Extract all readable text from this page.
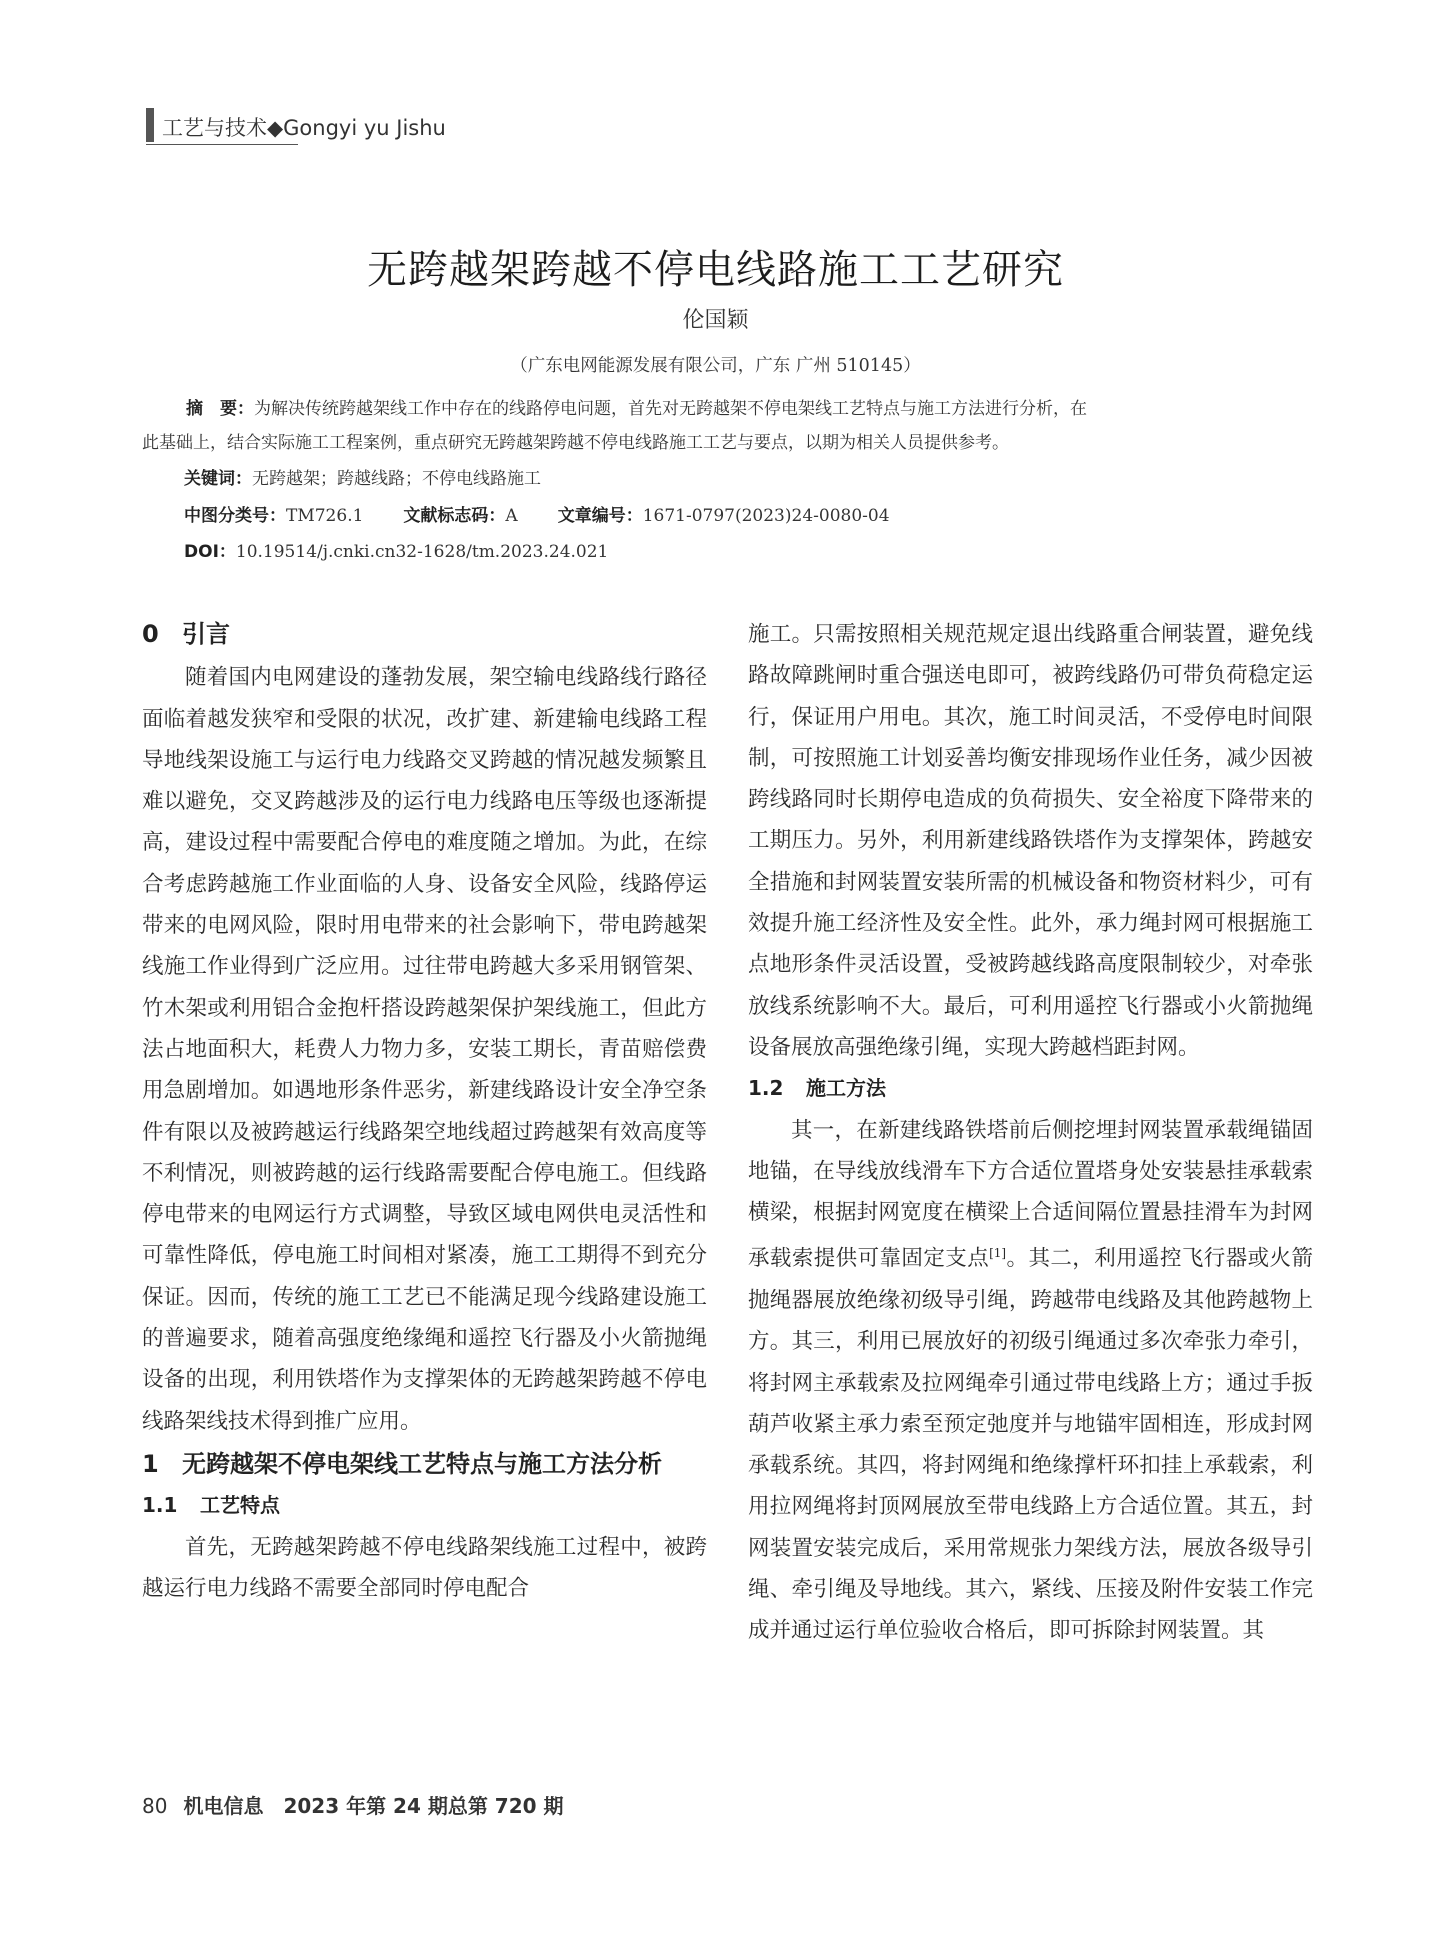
工艺与技术◆Gongyi yu Jishu
无跨越架跨越不停电线路施工工艺研究
伦国颖
（广东电网能源发展有限公司，广东 广州 510145）
摘　要：为解决传统跨越架线工作中存在的线路停电问题，首先对无跨越架不停电架线工艺特点与施工方法进行分析，在
此基础上，结合实际施工工程案例，重点研究无跨越架跨越不停电线路施工工艺与要点，以期为相关人员提供参考。
关键词：无跨越架；跨越线路；不停电线路施工
中图分类号：TM726.1 文献标志码：A 文章编号：1671-0797(2023)24-0080-04
DOI：10.19514/j.cnki.cn32-1628/tm.2023.24.021
0 引言

随着国内电网建设的蓬勃发展，架空输电线路线行路径面临着越发狭窄和受限的状况，改扩建、新建输电线路工程导地线架设施工与运行电力线路交叉跨越的情况越发频繁且难以避免，交叉跨越涉及的运行电力线路电压等级也逐渐提高，建设过程中需要配合停电的难度随之增加。为此，在综合考虑跨越施工作业面临的人身、设备安全风险，线路停运带来的电网风险，限时用电带来的社会影响下，带电跨越架线施工作业得到广泛应用。过往带电跨越大多采用钢管架、竹木架或利用铝合金抱杆搭设跨越架保护架线施工，但此方法占地面积大，耗费人力物力多，安装工期长，青苗赔偿费用急剧增加。如遇地形条件恶劣，新建线路设计安全净空条件有限以及被跨越运行线路架空地线超过跨越架有效高度等不利情况，则被跨越的运行线路需要配合停电施工。但线路停电带来的电网运行方式调整，导致区域电网供电灵活性和可靠性降低，停电施工时间相对紧凑，施工工期得不到充分保证。因而，传统的施工工艺已不能满足现今线路建设施工的普遍要求，随着高强度绝缘绳和遥控飞行器及小火箭抛绳设备的出现，利用铁塔作为支撑架体的无跨越架跨越不停电线路架线技术得到推广应用。

1 无跨越架不停电架线工艺特点与施工方法分析
1.1 工艺特点

首先，无跨越架跨越不停电线路架线施工过程中，被跨越运行电力线路不需要全部同时停电配合

施工。只需按照相关规范规定退出线路重合闸装置，避免线路故障跳闸时重合强送电即可，被跨线路仍可带负荷稳定运行，保证用户用电。其次，施工时间灵活，不受停电时间限制，可按照施工计划妥善均衡安排现场作业任务，减少因被跨线路同时长期停电造成的负荷损失、安全裕度下降带来的工期压力。另外，利用新建线路铁塔作为支撑架体，跨越安全措施和封网装置安装所需的机械设备和物资材料少，可有效提升施工经济性及安全性。此外，承力绳封网可根据施工点地形条件灵活设置，受被跨越线路高度限制较少，对牵张放线系统影响不大。最后，可利用遥控飞行器或小火箭抛绳设备展放高强绝缘引绳，实现大跨越档距封网。

1.2 施工方法

其一，在新建线路铁塔前后侧挖埋封网装置承载绳锚固地锚，在导线放线滑车下方合适位置塔身处安装悬挂承载索横梁，根据封网宽度在横梁上合适间隔位置悬挂滑车为封网承载索提供可靠固定支点[1]。其二，利用遥控飞行器或火箭抛绳器展放绝缘初级导引绳，跨越带电线路及其他跨越物上方。其三，利用已展放好的初级引绳通过多次牵张力牵引，将封网主承载索及拉网绳牵引通过带电线路上方；通过手扳葫芦收紧主承力索至预定弛度并与地锚牢固相连，形成封网承载系统。其四，将封网绳和绝缘撑杆环扣挂上承载索，利用拉网绳将封顶网展放至带电线路上方合适位置。其五，封网装置安装完成后，采用常规张力架线方法，展放各级导引绳、牵引绳及导地线。其六，紧线、压接及附件安装工作完成并通过运行单位验收合格后，即可拆除封网装置。其

80 机电信息　2023 年第 24 期总第 720 期
